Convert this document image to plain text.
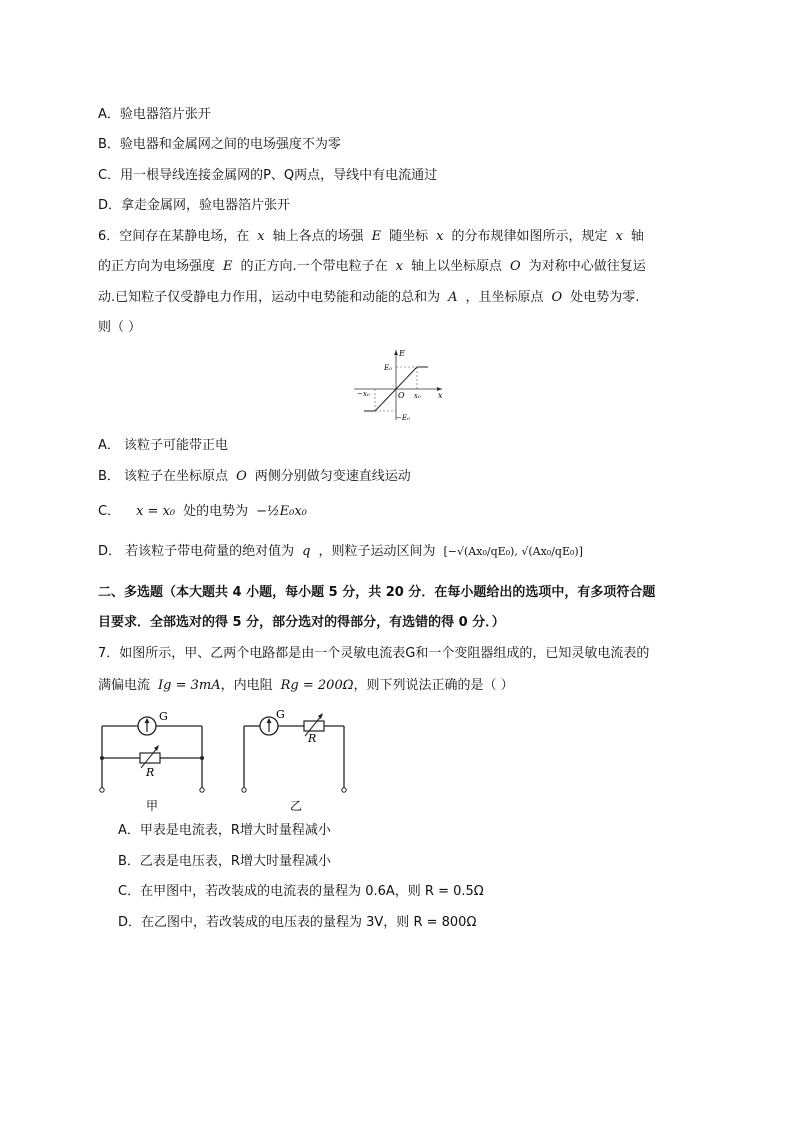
A．验电器箔片张开
B．验电器和金属网之间的电场强度不为零
C．用一根导线连接金属网的P、Q两点，导线中有电流通过
D．拿走金属网，验电器箔片张开
6．空间存在某静电场，在 x 轴上各点的场强 E 随坐标 x 的分布规律如图所示，规定 x 轴
的正方向为电场强度 E 的正方向.一个带电粒子在 x 轴上以坐标原点 O 为对称中心做往复运
动.已知粒子仅受静电力作用，运动中电势能和动能的总和为 A ，且坐标原点 O 处电势为零.
则（ ）
E
E₀
−E₀
−x₀	x₀
O	x
A． 该粒子可能带正电
B． 该粒子在坐标原点 O 两侧分别做匀变速直线运动
C． x = x₀ 处的电势为 −½E₀x₀
D． 若该粒子带电荷量的绝对值为 q ，则粒子运动区间为 [−√(Ax₀/qE₀), √(Ax₀/qE₀)]
二、多选题（本大题共 4 小题，每小题 5 分，共 20 分．在每小题给出的选项中，有多项符合题
目要求．全部选对的得 5 分，部分选对的得部分，有选错的得 0 分．）
7．如图所示，甲、乙两个电路都是由一个灵敏电流表G和一个变阻器组成的，已知灵敏电流表的
满偏电流 Ig = 3mA，内电阻 Rg = 200Ω，则下列说法正确的是（ ）
G
R
甲
G
R
乙
A．甲表是电流表，R增大时量程减小
B．乙表是电压表，R增大时量程减小
C．在甲图中，若改装成的电流表的量程为 0.6A，则 R = 0.5Ω
D．在乙图中，若改装成的电压表的量程为 3V，则 R = 800Ω
